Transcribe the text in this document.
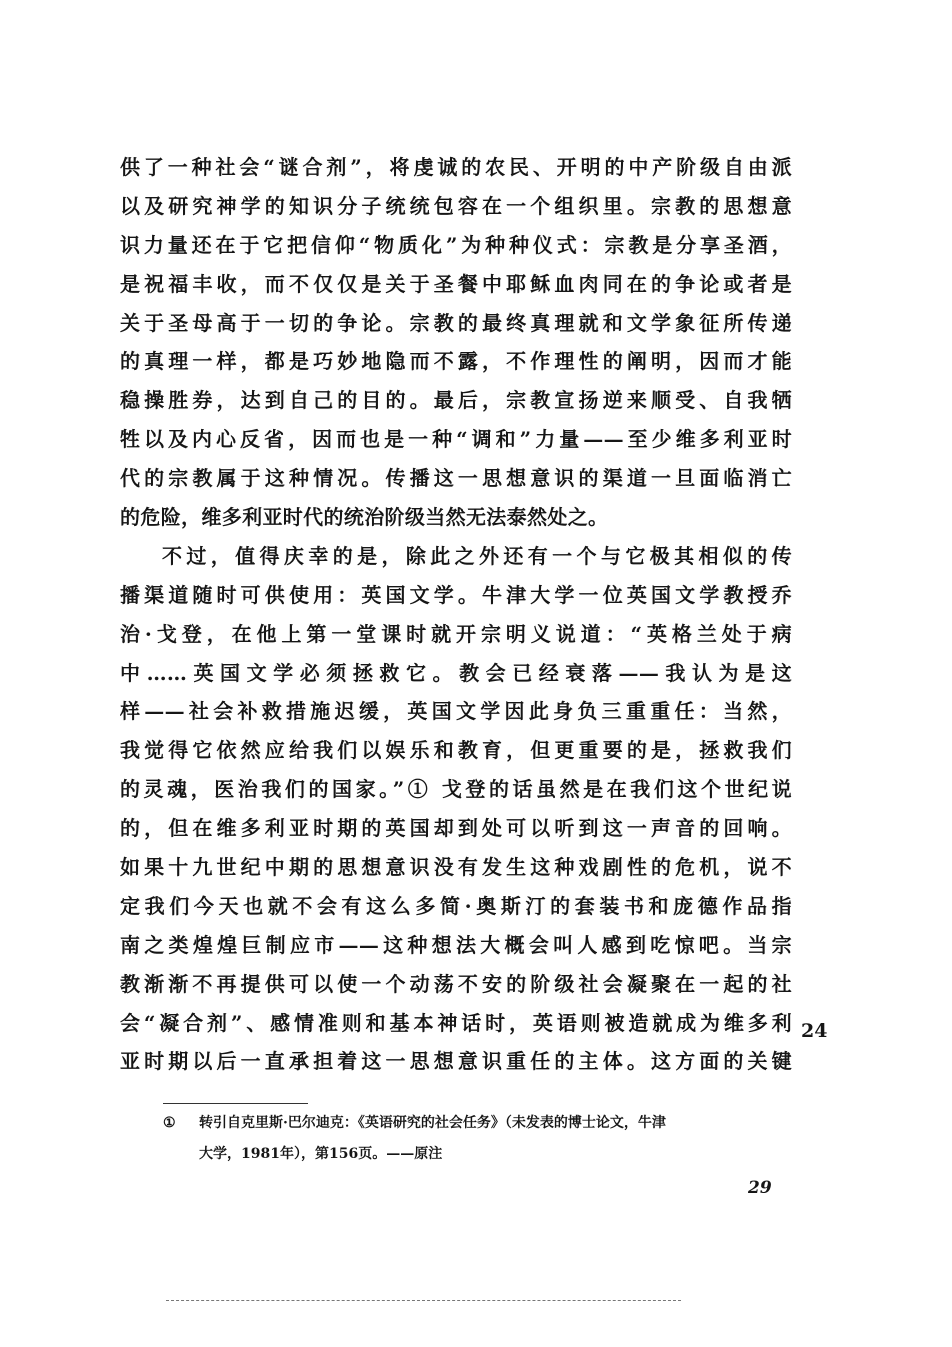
供了一种社会“谜合剂”，将虔诚的农民、开明的中产阶级自由派
以及研究神学的知识分子统统包容在一个组织里。宗教的思想意
识力量还在于它把信仰“物质化”为种种仪式：宗教是分享圣酒，
是祝福丰收，而不仅仅是关于圣餐中耶稣血肉同在的争论或者是
关于圣母高于一切的争论。宗教的最终真理就和文学象征所传递
的真理一样，都是巧妙地隐而不露，不作理性的阐明，因而才能
稳操胜券，达到自己的目的。最后，宗教宣扬逆来顺受、自我牺
牲以及内心反省，因而也是一种“调和”力量——至少维多利亚时
代的宗教属于这种情况。传播这一思想意识的渠道一旦面临消亡
的危险，维多利亚时代的统治阶级当然无法泰然处之。
不过，值得庆幸的是，除此之外还有一个与它极其相似的传
播渠道随时可供使用：英国文学。牛津大学一位英国文学教授乔
治·戈登，在他上第一堂课时就开宗明义说道：“英格兰处于病
中……英国文学必须拯救它。教会已经衰落——我认为是这
样——社会补救措施迟缓，英国文学因此身负三重重任：当然，
我觉得它依然应给我们以娱乐和教育，但更重要的是，拯救我们
的灵魂，医治我们的国家。”① 戈登的话虽然是在我们这个世纪说
的，但在维多利亚时期的英国却到处可以听到这一声音的回响。
如果十九世纪中期的思想意识没有发生这种戏剧性的危机，说不
定我们今天也就不会有这么多简·奥斯汀的套装书和庞德作品指
南之类煌煌巨制应市——这种想法大概会叫人感到吃惊吧。当宗
教渐渐不再提供可以使一个动荡不安的阶级社会凝聚在一起的社
会“凝合剂”、感情准则和基本神话时，英语则被造就成为维多利
亚时期以后一直承担着这一思想意识重任的主体。这方面的关键
24
① 转引自克里斯·巴尔迪克：《英语研究的社会任务》（未发表的博士论文，牛津
大学，1981年），第156页。——原注
29
